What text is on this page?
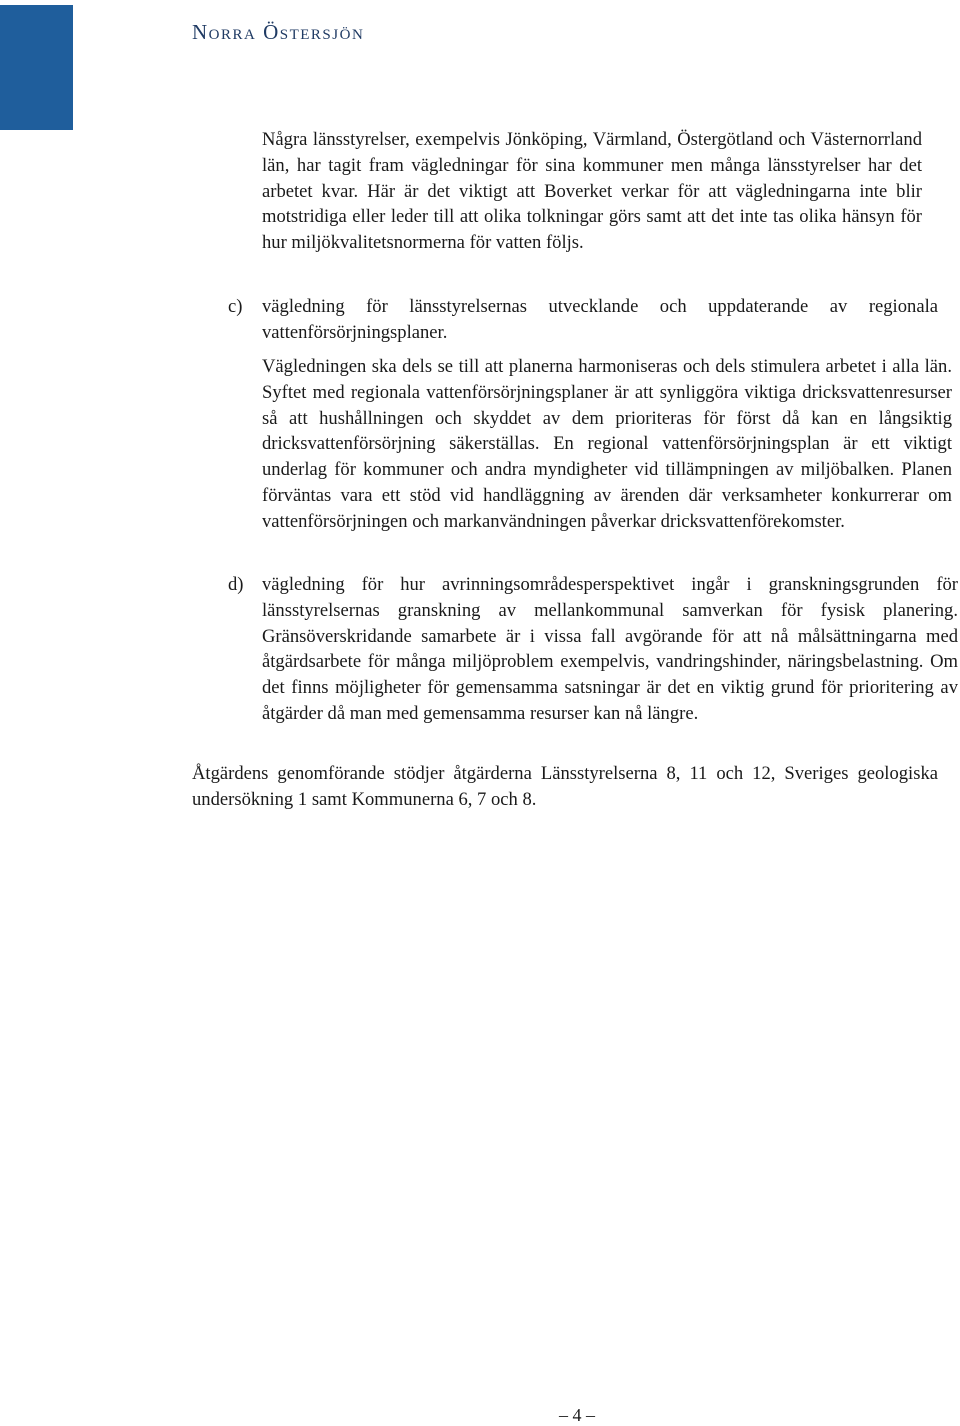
Norra Östersjön

Några länsstyrelser, exempelvis Jönköping, Värmland, Östergötland och Västernorrland län, har tagit fram vägledningar för sina kommuner men många länsstyrelser har det arbetet kvar. Här är det viktigt att Boverket verkar för att vägledningarna inte blir motstridiga eller leder till att olika tolkningar görs samt att det inte tas olika hänsyn för hur miljökvalitetsnormerna för vatten följs.

c) vägledning för länsstyrelsernas utvecklande och uppdaterande av regionala vattenförsörjningsplaner.

Vägledningen ska dels se till att planerna harmoniseras och dels stimulera arbetet i alla län. Syftet med regionala vattenförsörjningsplaner är att synliggöra viktiga dricksvattenresurser så att hushållningen och skyddet av dem prioriteras för först då kan en långsiktig dricksvattenförsörjning säkerställas. En regional vattenförsörjningsplan är ett viktigt underlag för kommuner och andra myndigheter vid tillämpningen av miljöbalken. Planen förväntas vara ett stöd vid handläggning av ärenden där verksamheter konkurrerar om vattenförsörjningen och markanvändningen påverkar dricksvattenförekomster.

d) vägledning för hur avrinningsområdesperspektivet ingår i granskningsgrunden för länsstyrelsernas granskning av mellankommunal samverkan för fysisk planering. Gränsöverskridande samarbete är i vissa fall avgörande för att nå målsättningarna med åtgärdsarbete för många miljöproblem exempelvis, vandringshinder, näringsbelastning. Om det finns möjligheter för gemensamma satsningar är det en viktig grund för prioritering av åtgärder då man med gemensamma resurser kan nå längre.

Åtgärdens genomförande stödjer åtgärderna Länsstyrelserna 8, 11 och 12, Sveriges geologiska undersökning 1 samt Kommunerna 6, 7 och 8.

– 4 –
